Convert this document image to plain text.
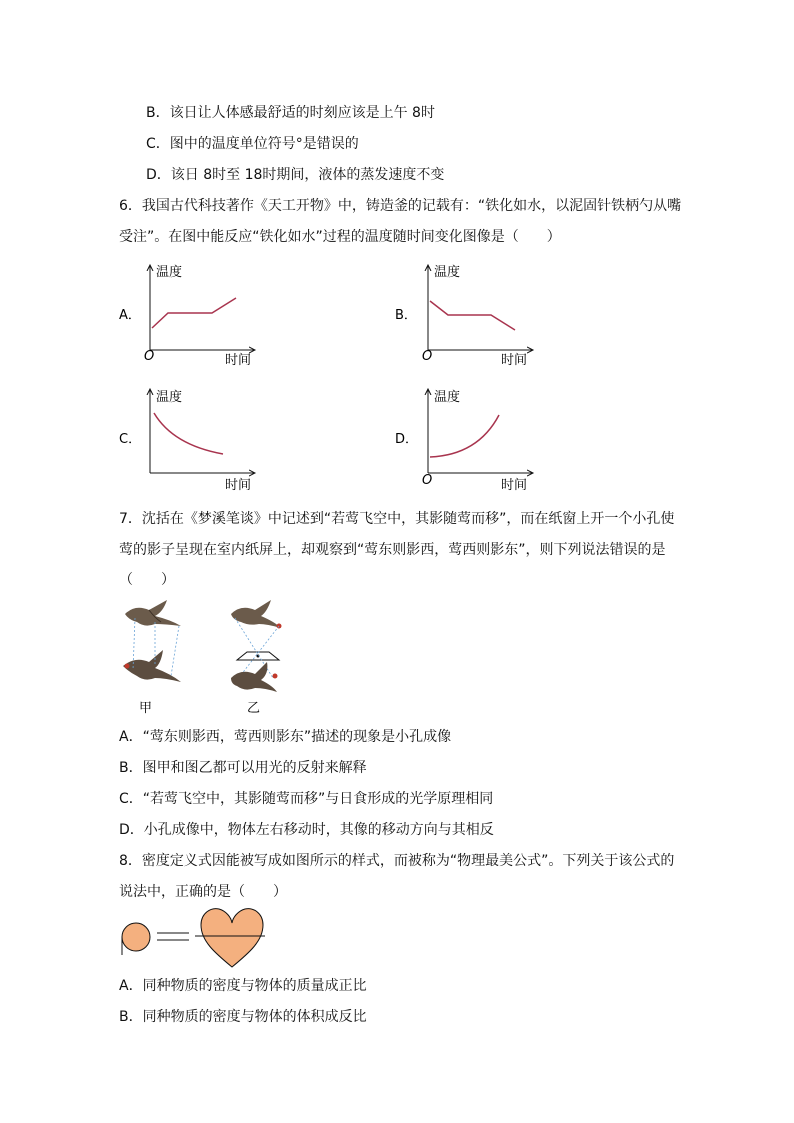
B．该日让人体感最舒适的时刻应该是上午 8时
C．图中的温度单位符号°是错误的
D．该日 8时至 18时期间，液体的蒸发速度不变
6．我国古代科技著作《天工开物》中，铸造釜的记载有：“铁化如水，以泥固针铁柄勺从嘴
受注”。在图中能反应“铁化如水”过程的温度随时间变化图像是（　　）
A．
温度
时间
O
B．
温度
时间
O
C．
温度
时间
D．
温度
时间
O
7．沈括在《梦溪笔谈》中记述到“若莺飞空中，其影随莺而移”，而在纸窗上开一个小孔使
莺的影子呈现在室内纸屏上，却观察到“莺东则影西，莺西则影东”，则下列说法错误的是
（　　）
甲	乙
A．“莺东则影西，莺西则影东”描述的现象是小孔成像
B．图甲和图乙都可以用光的反射来解释
C．“若莺飞空中，其影随莺而移”与日食形成的光学原理相同
D．小孔成像中，物体左右移动时，其像的移动方向与其相反
8．密度定义式因能被写成如图所示的样式，而被称为“物理最美公式”。下列关于该公式的
说法中，正确的是（　　）
A．同种物质的密度与物体的质量成正比
B．同种物质的密度与物体的体积成反比
